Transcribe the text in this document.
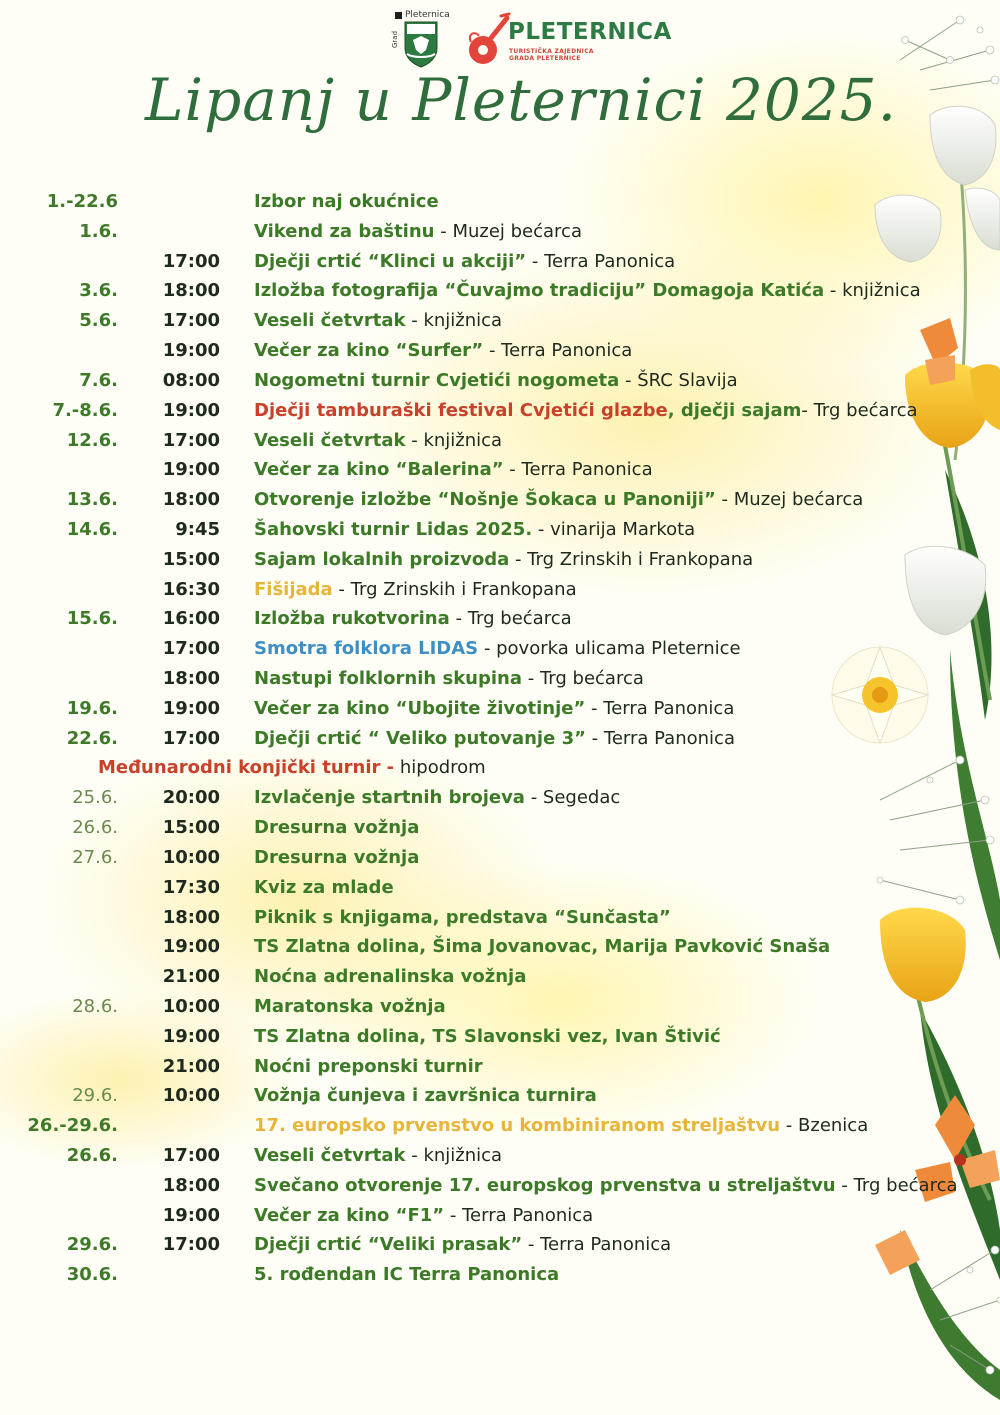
Pleternica
Grad	PLETERNICA
TURISTIČKA ZAJEDNICA
GRADA PLETERNICE
Lipanj u Pleternici 2025.
1.-22.6	Izbor naj okućnice
1.6.	Vikend za baštinu - Muzej bećarca
17:00 Dječji crtić “Klinci u akciji” - Terra Panonica
3.6. 18:00 Izložba fotografija “Čuvajmo tradiciju” Domagoja Katića - knjižnica
5.6. 17:00 Veseli četvrtak - knjižnica
19:00 Večer za kino “Surfer” - Terra Panonica
7.6. 08:00 Nogometni turnir Cvjetići nogometa - ŠRC Slavija
7.-8.6. 19:00 Dječji tamburaški festival Cvjetići glazbe, dječji sajam- Trg bećarca
12.6. 17:00 Veseli četvrtak - knjižnica
19:00 Večer za kino “Balerina” - Terra Panonica
13.6. 18:00 Otvorenje izložbe “Nošnje Šokaca u Panoniji” - Muzej bećarca
14.6.	9:45 Šahovski turnir Lidas 2025. - vinarija Markota
15:00 Sajam lokalnih proizvoda - Trg Zrinskih i Frankopana
16:30 Fišijada - Trg Zrinskih i Frankopana
15.6. 16:00 Izložba rukotvorina - Trg bećarca
17:00 Smotra folklora LIDAS - povorka ulicama Pleternice
18:00 Nastupi folklornih skupina - Trg bećarca
19.6. 19:00 Večer za kino “Ubojite životinje” - Terra Panonica
22.6. 17:00 Dječji crtić “ Veliko putovanje 3” - Terra Panonica
Međunarodni konjički turnir - hipodrom
25.6. 20:00 Izvlačenje startnih brojeva - Segedac
26.6. 15:00 Dresurna vožnja
27.6. 10:00 Dresurna vožnja
17:30 Kviz za mlade
18:00 Piknik s knjigama, predstava “Sunčasta”
19:00 TS Zlatna dolina, Šima Jovanovac, Marija Pavković Snaša
21:00 Noćna adrenalinska vožnja
28.6. 10:00 Maratonska vožnja
19:00 TS Zlatna dolina, TS Slavonski vez, Ivan Štivić
21:00 Noćni preponski turnir
29.6. 10:00 Vožnja čunjeva i završnica turnira
26.-29.6.	17. europsko prvenstvo u kombiniranom streljaštvu - Bzenica
26.6. 17:00 Veseli četvrtak - knjižnica
18:00 Svečano otvorenje 17. europskog prvenstva u streljaštvu - Trg bećarca
19:00 Večer za kino “F1” - Terra Panonica
29.6. 17:00 Dječji crtić “Veliki prasak” - Terra Panonica
30.6.	5. rođendan IC Terra Panonica
